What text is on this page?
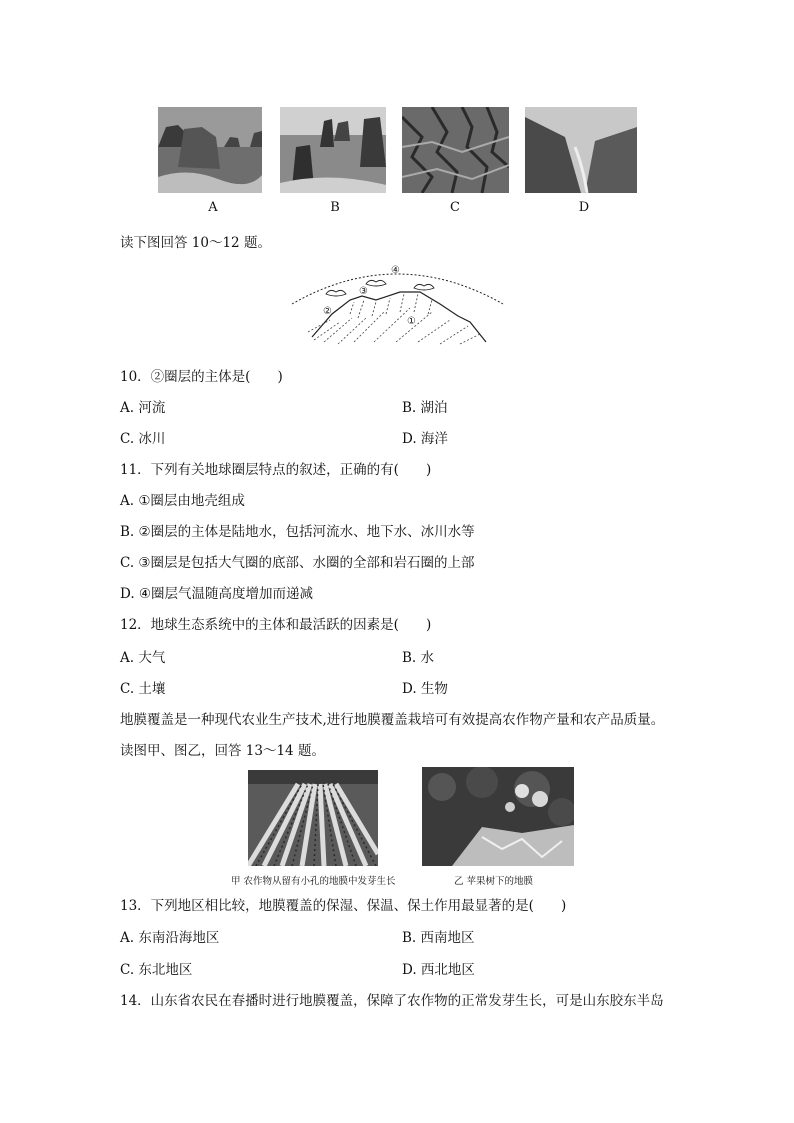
A	B	C	D
读下图回答 10～12 题。
④
③
②
①
10．②圈层的主体是(　　)
A. 河流	B. 湖泊
C. 冰川	D. 海洋
11．下列有关地球圈层特点的叙述，正确的有(　　)
A. ①圈层由地壳组成
B. ②圈层的主体是陆地水，包括河流水、地下水、冰川水等
C. ③圈层是包括大气圈的底部、水圈的全部和岩石圈的上部
D. ④圈层气温随高度增加而递减
12．地球生态系统中的主体和最活跃的因素是(　　)
A. 大气	B. 水
C. 土壤	D. 生物
地膜覆盖是一种现代农业生产技术,进行地膜覆盖栽培可有效提高农作物产量和农产品质量。
读图甲、图乙，回答 13～14 题。
甲 农作物从留有小孔的地膜中发芽生长	乙 苹果树下的地膜
13．下列地区相比较，地膜覆盖的保湿、保温、保土作用最显著的是(　　)
A. 东南沿海地区	B. 西南地区
C. 东北地区	D. 西北地区
14．山东省农民在春播时进行地膜覆盖，保障了农作物的正常发芽生长，可是山东胶东半岛
